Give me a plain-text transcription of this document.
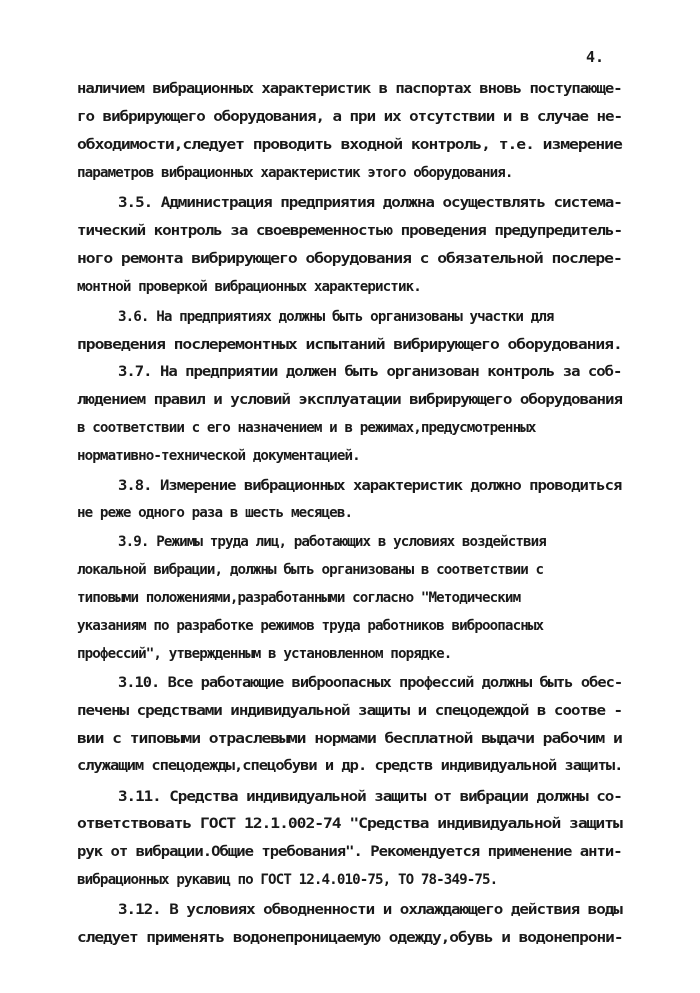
4.
наличием вибрационных характеристик в паспортах вновь поступающе-
го вибрирующего оборудования, а при их отсутствии и в случае не-
обходимости,следует проводить входной контроль, т.е. измерение
параметров вибрационных характеристик этого оборудования.
3.5. Администрация предприятия должна осуществлять система-
тический контроль за своевременностью проведения предупредитель-
ного ремонта вибрирующего оборудования с обязательной послере-
монтной проверкой вибрационных характеристик.
3.6. На предприятиях должны быть организованы участки для
проведения послеремонтных испытаний вибрирующего оборудования.
3.7. На предприятии должен быть организован контроль за соб-
людением правил и условий эксплуатации вибрирующего оборудования
в соответствии с его назначением и в режимах,предусмотренных
нормативно-технической документацией.
3.8. Измерение вибрационных характеристик должно проводиться
не реже одного раза в шесть месяцев.
3.9. Режимы труда лиц, работающих в условиях воздействия
локальной вибрации, должны быть организованы в соответствии с
типовыми положениями,разработанными согласно "Методическим
указаниям по разработке режимов труда работников виброопасных
профессий", утвержденным в установленном порядке.
3.10. Все работающие виброопасных профессий должны быть обес-
печены средствами индивидуальной защиты и спецодеждой в соотве -
вии с типовыми отраслевыми нормами бесплатной выдачи рабочим и
служащим спецодежды,спецобуви и др. средств индивидуальной защиты.
3.11. Средства индивидуальной защиты от вибрации должны со-
ответствовать ГОСТ 12.1.002-74 "Средства индивидуальной защиты
рук от вибрации.Общие требования". Рекомендуется применение анти-
вибрационных рукавиц по ГОСТ 12.4.010-75, ТО 78-349-75.
3.12. В условиях обводненности и охлаждающего действия воды
следует применять водонепроницаемую одежду,обувь и водонепрони-
